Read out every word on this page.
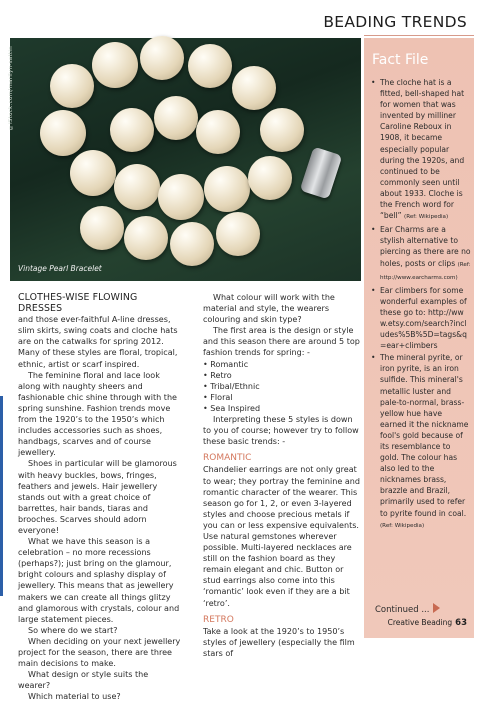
BEADING TRENDS
©iStock.com/marilyn-sattin
Vintage Pearl Bracelet
Fact File
• The cloche hat is a fitted, bell-shaped hat for women that was invented by milliner Caroline Reboux in 1908, it became especially popular during the 1920s, and continued to be commonly seen until about 1933. Cloche is the French word for “bell” (Ref: Wikipedia)
• Ear Charms are a stylish alternative to piercing as there are no holes, posts or clips (Ref: http://www.earcharms.com)
• Ear climbers for some wonderful examples of these go to: http://www.etsy.com/search?includes%5B%5D=tags&q=ear+climbers
• The mineral pyrite, or iron pyrite, is an iron sulfide. This mineral's metallic luster and pale-to-normal, brass-yellow hue have earned it the nickname fool's gold because of its resemblance to gold. The colour has also led to the nicknames brass, brazzle and Brazil, primarily used to refer to pyrite found in coal. (Ref: Wikipedia)
Continued ...

CLOTHES-WISE FLOWING DRESSES

and those ever-faithful A-line dresses, slim skirts, swing coats and cloche hats are on the catwalks for spring 2012. Many of these styles are floral, tropical, ethnic, artist or scarf inspired.

The feminine floral and lace look along with naughty sheers and fashionable chic shine through with the spring sunshine. Fashion trends move from the 1920’s to the 1950’s which includes accessories such as shoes, handbags, scarves and of course jewellery.

Shoes in particular will be glamorous with heavy buckles, bows, fringes, feathers and jewels. Hair jewellery stands out with a great choice of barrettes, hair bands, tiaras and brooches. Scarves should adorn everyone!

What we have this season is a celebration – no more recessions (perhaps?); just bring on the glamour, bright colours and splashy display of jewellery. This means that as jewellery makers we can create all things glitzy and glamorous with crystals, colour and large statement pieces.

So where do we start?

When deciding on your next jewellery project for the season, there are three main decisions to make.

What design or style suits the wearer?

Which material to use?

What colour will work with the material and style, the wearers colouring and skin type?

The first area is the design or style and this season there are around 5 top fashion trends for spring: -

• Romantic
• Retro
• Tribal/Ethnic
• Floral
• Sea Inspired

Interpreting these 5 styles is down to you of course; however try to follow these basic trends: -

ROMANTIC

Chandelier earrings are not only great to wear; they portray the feminine and romantic character of the wearer. This season go for 1, 2, or even 3-layered styles and choose precious metals if you can or less expensive equivalents. Use natural gemstones wherever possible. Multi-layered necklaces are still on the fashion board as they remain elegant and chic. Button or stud earrings also come into this ‘romantic’ look even if they are a bit ‘retro’.

RETRO

Take a look at the 1920’s to 1950’s styles of jewellery (especially the film stars of

Creative Beading 63
